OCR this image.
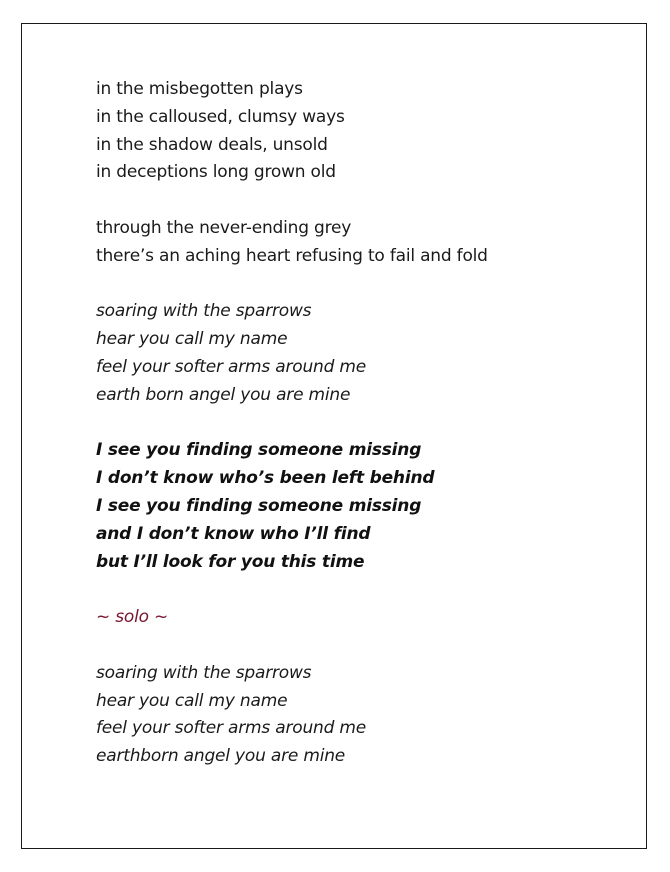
in the misbegotten plays
in the calloused, clumsy ways
in the shadow deals, unsold
in deceptions long grown old
through the never-ending grey
there’s an aching heart refusing to fail and fold
soaring with the sparrows
hear you call my name
feel your softer arms around me
earth born angel you are mine
I see you finding someone missing
I don’t know who’s been left behind
I see you finding someone missing
and I don’t know who I’ll find
but I’ll look for you this time
~ solo ~
soaring with the sparrows
hear you call my name
feel your softer arms around me
earthborn angel you are mine
